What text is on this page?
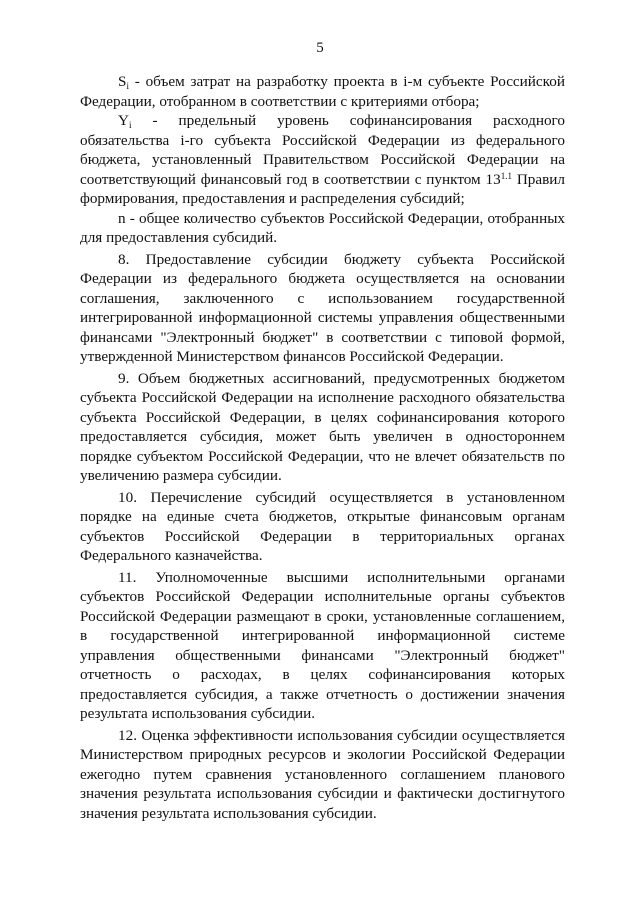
5

$S_i$ - объем затрат на разработку проекта в i-м субъекте Российской Федерации, отобранном в соответствии с критериями отбора;

$Y_i$ - предельный уровень софинансирования расходного обязательства i-го субъекта Российской Федерации из федерального бюджета, установленный Правительством Российской Федерации на соответствующий финансовый год в соответствии с пунктом $13^{1.1}$ Правил формирования, предоставления и распределения субсидий;

n - общее количество субъектов Российской Федерации, отобранных для предоставления субсидий.

8. Предоставление субсидии бюджету субъекта Российской Федерации из федерального бюджета осуществляется на основании соглашения, заключенного с использованием государственной интегрированной информационной системы управления общественными финансами "Электронный бюджет" в соответствии с типовой формой, утвержденной Министерством финансов Российской Федерации.

9. Объем бюджетных ассигнований, предусмотренных бюджетом субъекта Российской Федерации на исполнение расходного обязательства субъекта Российской Федерации, в целях софинансирования которого предоставляется субсидия, может быть увеличен в одностороннем порядке субъектом Российской Федерации, что не влечет обязательств по увеличению размера субсидии.

10. Перечисление субсидий осуществляется в установленном порядке на единые счета бюджетов, открытые финансовым органам субъектов Российской Федерации в территориальных органах Федерального казначейства.

11. Уполномоченные высшими исполнительными органами субъектов Российской Федерации исполнительные органы субъектов Российской Федерации размещают в сроки, установленные соглашением, в государственной интегрированной информационной системе управления общественными финансами "Электронный бюджет" отчетность о расходах, в целях софинансирования которых предоставляется субсидия, а также отчетность о достижении значения результата использования субсидии.

12. Оценка эффективности использования субсидии осуществляется Министерством природных ресурсов и экологии Российской Федерации ежегодно путем сравнения установленного соглашением планового значения результата использования субсидии и фактически достигнутого значения результата использования субсидии.
